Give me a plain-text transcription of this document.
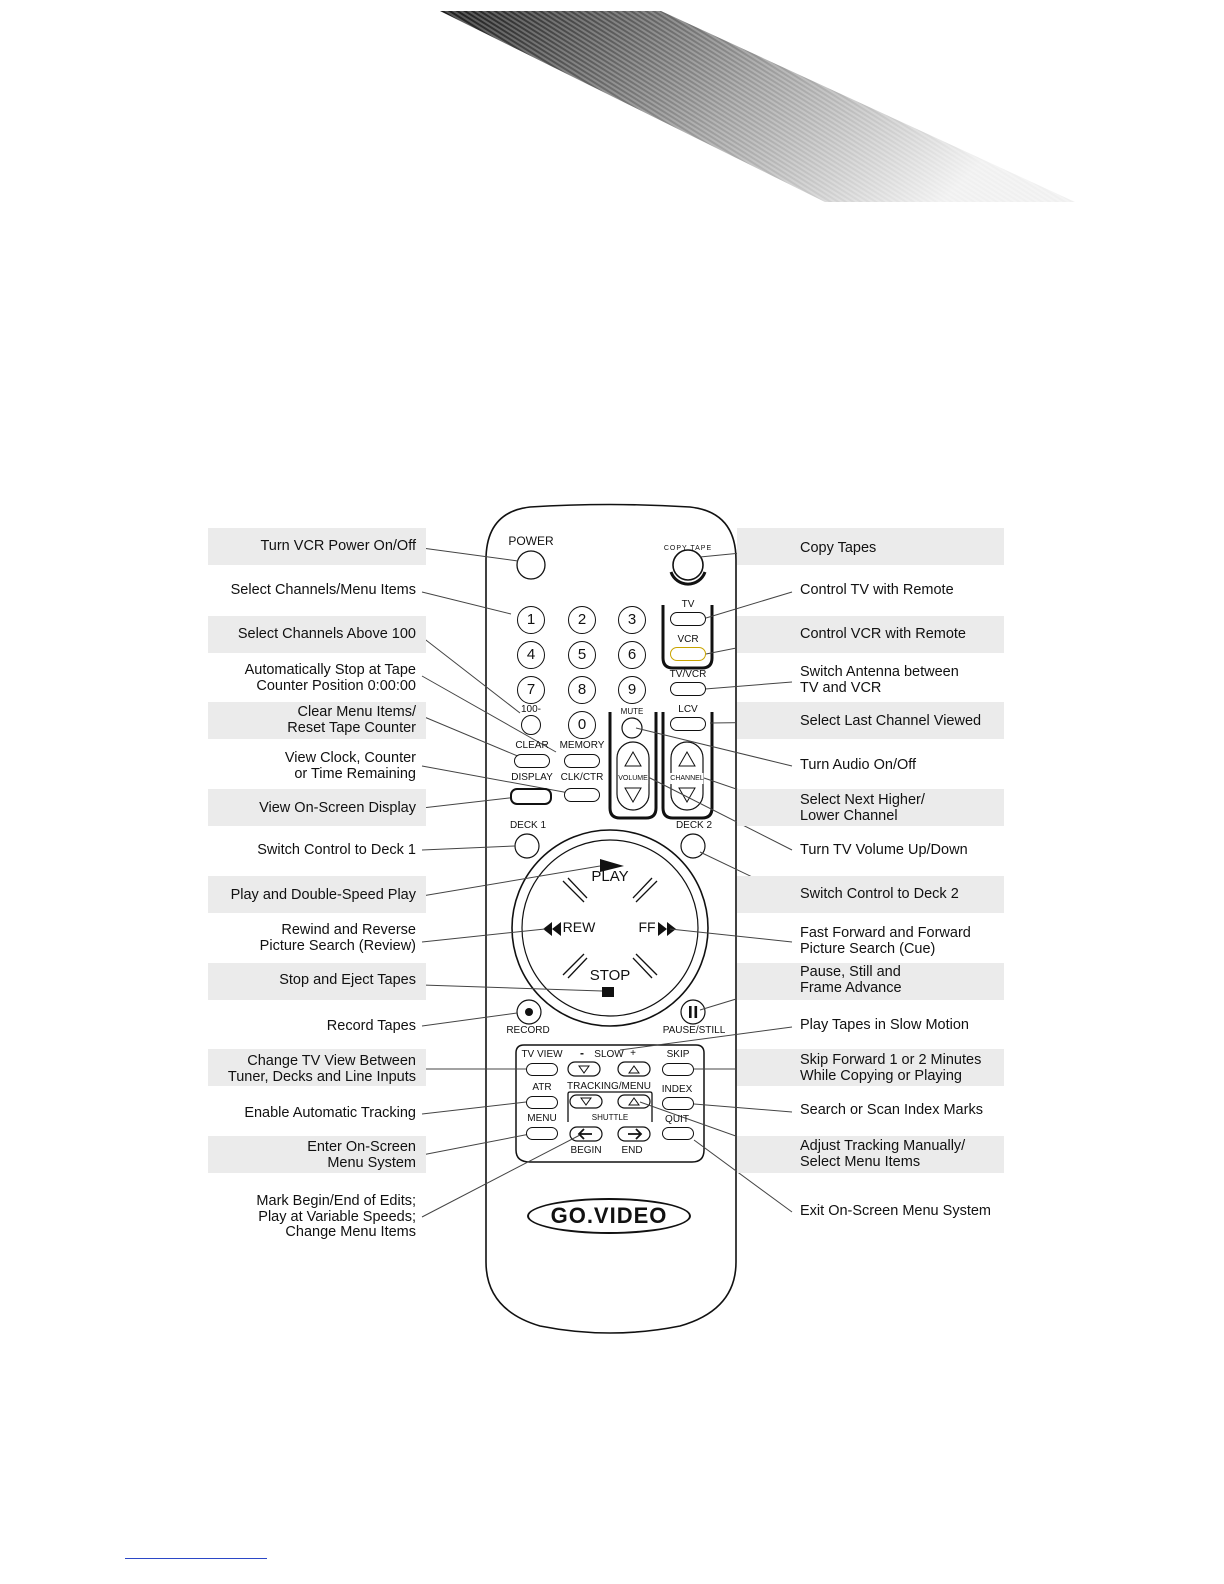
Turn VCR Power On/Off
Select Channels/Menu Items
Select Channels Above 100
Automatically Stop at Tape
Counter Position 0:00:00
Clear Menu Items/
Reset Tape Counter
View Clock, Counter
or Time Remaining
View On-Screen Display
Switch Control to Deck 1
Play and Double-Speed Play
Rewind and Reverse
Picture Search (Review)
Stop and Eject Tapes
Record Tapes
Change TV View Between
Tuner, Decks and Line Inputs
Enable Automatic Tracking
Enter On-Screen
Menu System
Mark Begin/End of Edits;
Play at Variable Speeds;
Change Menu Items
Copy Tapes
Control TV with Remote
Control VCR with Remote
Switch Antenna between
TV and VCR
Select Last Channel Viewed
Turn Audio On/Off
Select Next Higher/
Lower Channel
Turn TV Volume Up/Down
Switch Control to Deck 2
Fast Forward and Forward
Picture Search (Cue)
Pause, Still and
Frame Advance
Play Tapes in Slow Motion
Skip Forward 1 or 2 Minutes
While Copying or Playing
Search or Scan Index Marks
Adjust Tracking Manually/
Select Menu Items
Exit On-Screen Menu System
POWER
COPY TAPE
1	2	3
4	5	6
7	8	9
0
100-
TV
VCR
TV/VCR
LCV
MUTE
VOLUME	CHANNEL
CLEAR MEMORY
DISPLAY CLK/CTR
DECK 1	DECK 2
PLAY
REW	FF
STOP
RECORD	PAUSE/STILL
TV VIEW - SLOW +	SKIP
ATR TRACKING/MENU INDEX
MENU	SHUTTLE	QUIT
BEGIN END
GO.VIDEO
